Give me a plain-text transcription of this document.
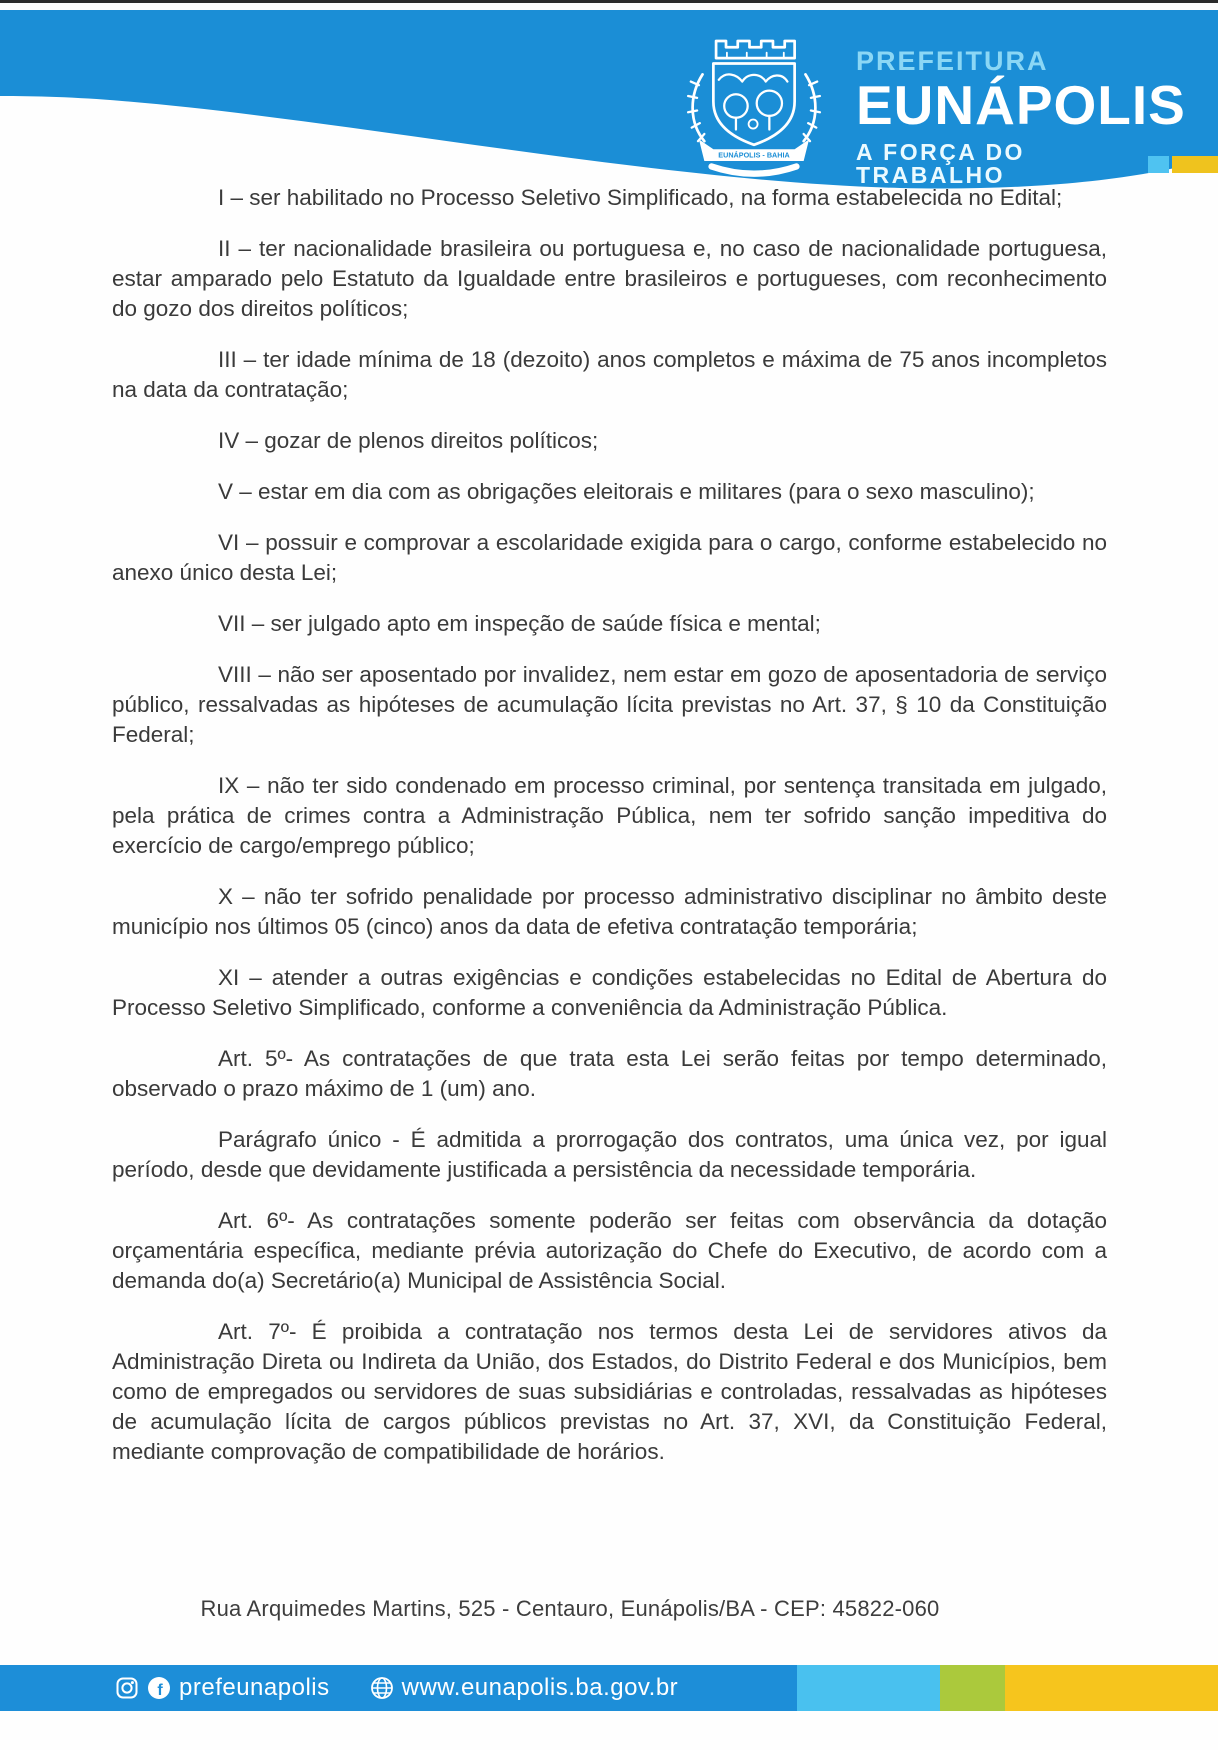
EUNÁPOLIS - BAHIA
PREFEITURA
EUNÁPOLIS
A FORÇA DO TRABALHO

I – ser habilitado no Processo Seletivo Simplificado, na forma estabelecida no Edital;

II – ter nacionalidade brasileira ou portuguesa e, no caso de nacionalidade portuguesa, estar amparado pelo Estatuto da Igualdade entre brasileiros e portugueses, com reconhecimento do gozo dos direitos políticos;

III – ter idade mínima de 18 (dezoito) anos completos e máxima de 75 anos incompletos na data da contratação;

IV – gozar de plenos direitos políticos;

V – estar em dia com as obrigações eleitorais e militares (para o sexo masculino);

VI – possuir e comprovar a escolaridade exigida para o cargo, conforme estabelecido no anexo único desta Lei;

VII – ser julgado apto em inspeção de saúde física e mental;

VIII – não ser aposentado por invalidez, nem estar em gozo de aposentadoria de serviço público, ressalvadas as hipóteses de acumulação lícita previstas no Art. 37, § 10 da Constituição Federal;

IX – não ter sido condenado em processo criminal, por sentença transitada em julgado, pela prática de crimes contra a Administração Pública, nem ter sofrido sanção impeditiva do exercício de cargo/emprego público;

X – não ter sofrido penalidade por processo administrativo disciplinar no âmbito deste município nos últimos 05 (cinco) anos da data de efetiva contratação temporária;

XI – atender a outras exigências e condições estabelecidas no Edital de Abertura do Processo Seletivo Simplificado, conforme a conveniência da Administração Pública.

Art. 5º- As contratações de que trata esta Lei serão feitas por tempo determinado, observado o prazo máximo de 1 (um) ano.

Parágrafo único - É admitida a prorrogação dos contratos, uma única vez, por igual período, desde que devidamente justificada a persistência da necessidade temporária.

Art. 6º- As contratações somente poderão ser feitas com observância da dotação orçamentária específica, mediante prévia autorização do Chefe do Executivo, de acordo com a demanda do(a) Secretário(a) Municipal de Assistência Social.

Art. 7º- É proibida a contratação nos termos desta Lei de servidores ativos da Administração Direta ou Indireta da União, dos Estados, do Distrito Federal e dos Municípios, bem como de empregados ou servidores de suas subsidiárias e controladas, ressalvadas as hipóteses de acumulação lícita de cargos públicos previstas no Art. 37, XVI, da Constituição Federal, mediante comprovação de compatibilidade de horários.

Rua Arquimedes Martins, 525 - Centauro, Eunápolis/BA - CEP: 45822-060
f prefeunapolis	www.eunapolis.ba.gov.br
